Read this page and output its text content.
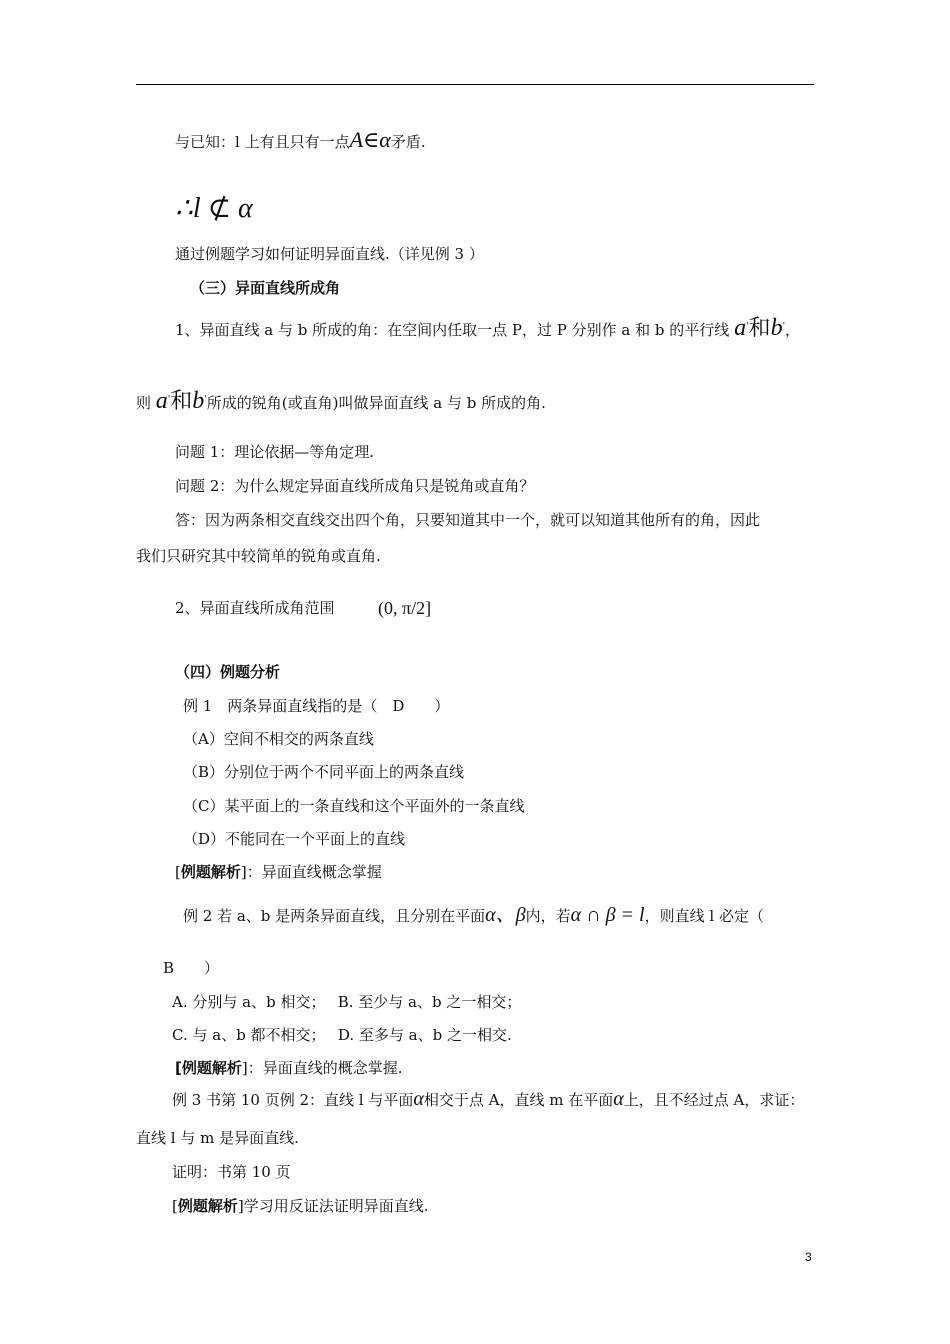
与已知：l 上有且只有一点A∈α矛盾.
∴l ⊄ α
通过例题学习如何证明异面直线.（详见例 3 ）
（三）异面直线所成角
1、异面直线 a 与 b 所成的角：在空间内任取一点 P，过 P 分别作 a 和 b 的平行线 a'和b'，
则 a'和b'所成的锐角(或直角)叫做异面直线 a 与 b 所成的角.
问题 1：理论依据—等角定理.
问题 2：为什么规定异面直线所成角只是锐角或直角？
答：因为两条相交直线交出四个角，只要知道其中一个，就可以知道其他所有的角，因此
我们只研究其中较简单的锐角或直角.
2、异面直线所成角范围 (0, π/2]
（四）例题分析
例 1　两条异面直线指的是（　D　　）
（A）空间不相交的两条直线
（B）分别位于两个不同平面上的两条直线
（C）某平面上的一条直线和这个平面外的一条直线
（D）不能同在一个平面上的直线
[例题解析]：异面直线概念掌握
例 2 若 a、b 是两条异面直线，且分别在平面α、β内，若α ∩ β = l，则直线 l 必定（
B　　）
A. 分别与 a、b 相交；　 B. 至少与 a、b 之一相交；
C. 与 a、b 都不相交；　 D. 至多与 a、b 之一相交.
[例题解析]：异面直线的概念掌握.
例 3 书第 10 页例 2：直线 l 与平面α相交于点 A，直线 m 在平面α上，且不经过点 A，求证：
直线 l 与 m 是异面直线.
证明：书第 10 页
[例题解析]学习用反证法证明异面直线.
3
